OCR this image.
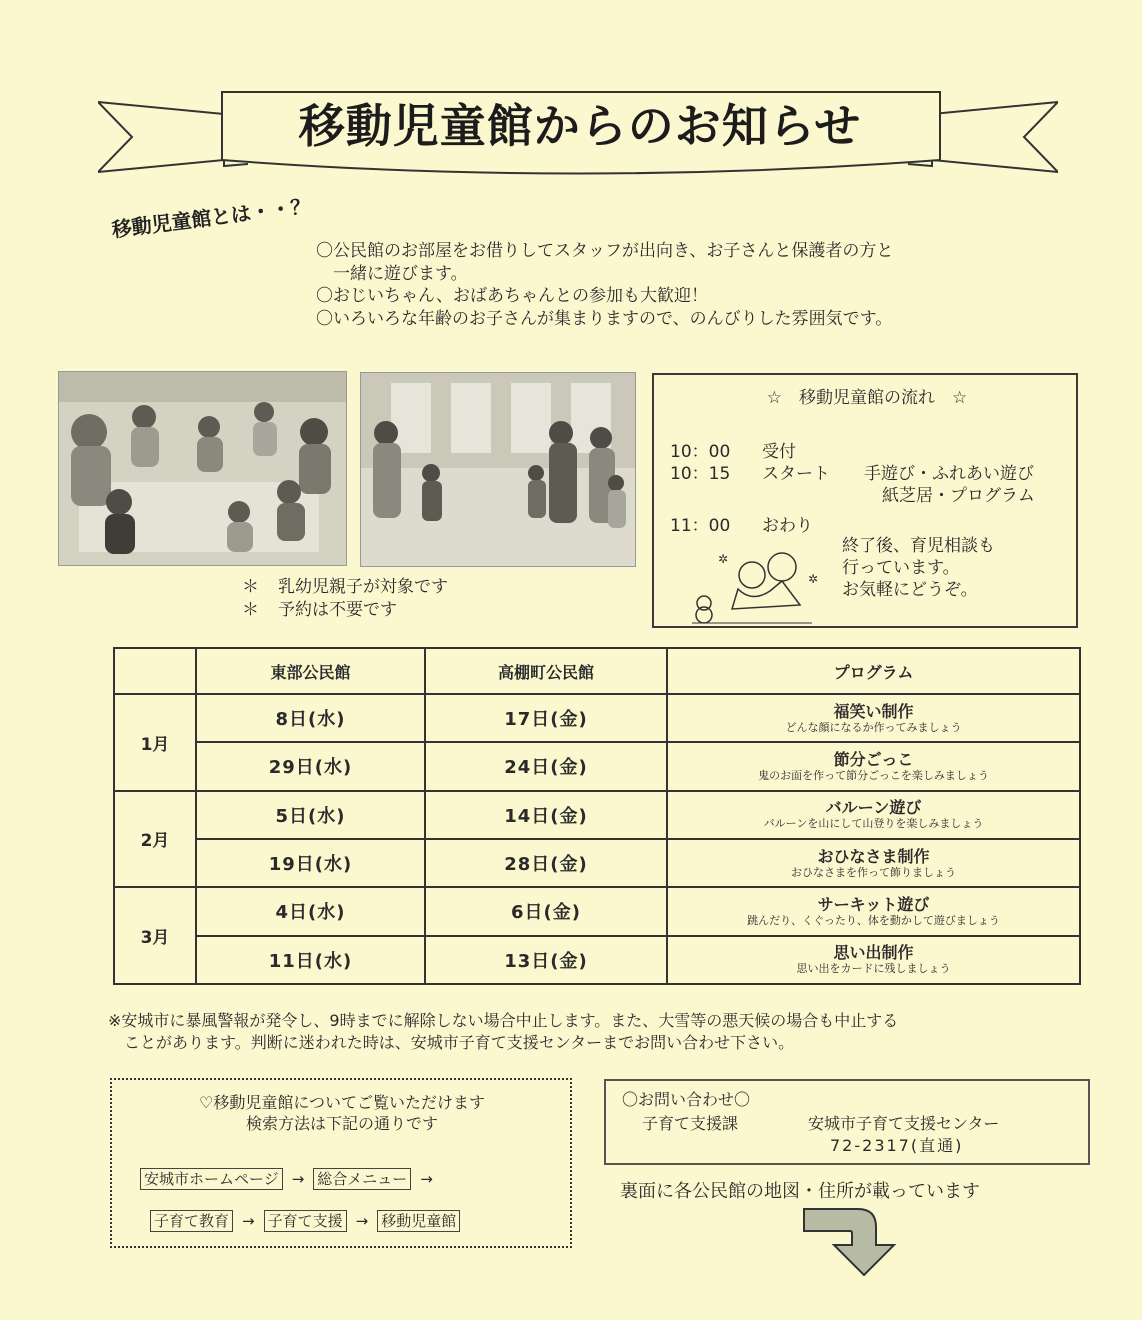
移動児童館からのお知らせ
移動児童館とは・・？
〇公民館のお部屋をお借りしてスタッフが出向き、お子さんと保護者の方と
　一緒に遊びます。
〇おじいちゃん、おばあちゃんとの参加も大歓迎！
〇いろいろな年齢のお子さんが集まりますので、のんびりした雰囲気です。
＊ 乳幼児親子が対象です
＊ 予約は不要です
☆　移動児童館の流れ　☆
10：00 受付
10：15 スタート 手遊び・ふれあい遊び
紙芝居・プログラム
11：00 おわり
終了後、育児相談も
行っています。
お気軽にどうぞ。
✲
✲
	東部公民館	高棚町公民館	プログラム
1月	8日(水)	17日(金)	福笑い制作
どんな顔になるか作ってみましょう

	29日(水)	24日(金)	節分ごっこ
鬼のお面を作って節分ごっこを楽しみましょう

2月	5日(水)	14日(金)	バルーン遊び
バルーンを山にして山登りを楽しみましょう

	19日(水)	28日(金)	おひなさま制作
おひなさまを作って飾りましょう

3月	4日(水)	6日(金)	サーキット遊び
跳んだり、くぐったり、体を動かして遊びましょう

	11日(水)	13日(金)	思い出制作
思い出をカードに残しましょう
※安城市に暴風警報が発令し、9時までに解除しない場合中止します。また、大雪等の悪天候の場合も中止する
　ことがあります。判断に迷われた時は、安城市子育て支援センターまでお問い合わせ下さい。
♡移動児童館についてご覧いただけます
検索方法は下記の通りです
安城市ホームページ → 総合メニュー →
子育て教育 → 子育て支援 → 移動児童館
〇お問い合わせ〇
子育て支援課	安城市子育て支援センター
72-2317(直通)
裏面に各公民館の地図・住所が載っています
